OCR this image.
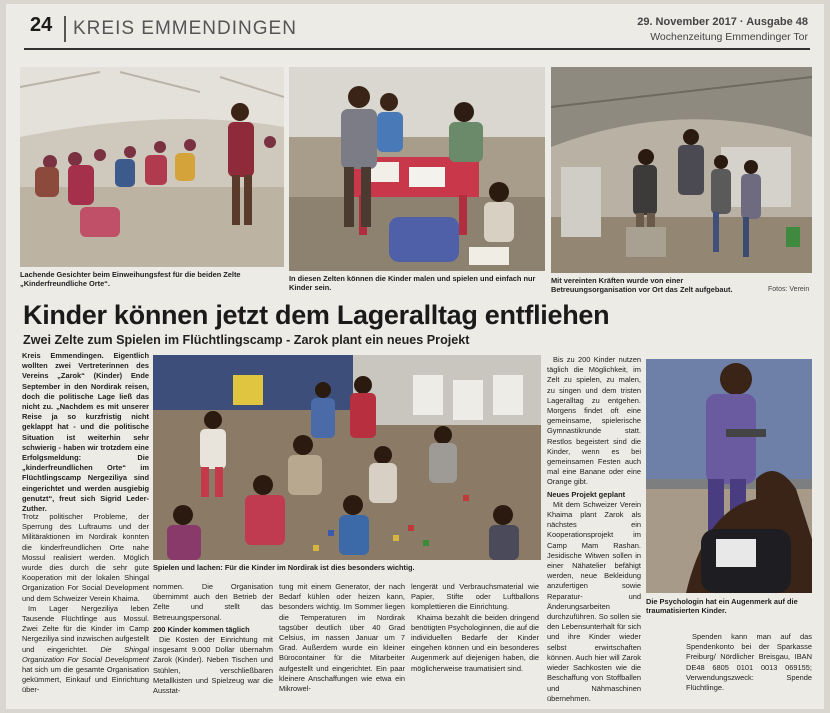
24	KREIS EMMENDINGEN	29. November 2017 · Ausgabe 48
Wochenzeitung Emmendinger Tor
Lachende Gesichter beim Einweihungsfest für die beiden Zelte „Kinderfreundliche Orte“.
In diesen Zelten können die Kinder malen und spielen und einfach nur Kinder sein.
Mit vereinten Kräften wurde von einer Betreuungsorganisation vor Ort das Zelt aufgebaut.	Fotos: Verein
Kinder können jetzt dem Lageralltag entfliehen
Zwei Zelte zum Spielen im Flüchtlingscamp - Zarok plant ein neues Projekt

Kreis Emmendingen. Eigentlich wollten zwei Vertreterinnen des Vereins „Zarok“ (Kinder) Ende September in den Nordirak reisen, doch die politische Lage ließ das nicht zu. „Nachdem es mit unserer Reise ja so kurzfristig nicht geklappt hat - und die politische Situation ist weiterhin sehr schwierig - haben wir trotzdem eine Erfolgsmeldung: Die „kinderfreundlichen Orte“ im Flüchtlingscamp Nergeziliya sind eingerichtet und werden ausgiebig genutzt“, freut sich Sigrid Leder-Zuther.

Spielen und lachen: Für die Kinder im Nordirak ist dies besonders wichtig.

Trotz politischer Probleme, der Sperrung des Luftraums und der Militäraktionen im Nordirak konnten die kinderfreundlichen Orte nahe Mossul realisiert werden. Möglich wurde dies durch die sehr gute Kooperation mit der lokalen Shingal Organization For Social Development und dem Schweizer Verein Khaima.

Im Lager Nergeziliya leben Tausende Flüchtlinge aus Mossul. Zwei Zelte für die Kinder im Camp Nergeziliya sind inzwischen aufgestellt und eingerichtet. Die Shingal Organization For Social Development hat sich um die gesamte Organisation gekümmert, Einkauf und Einrichtung über-

nommen. Die Organisation übernimmt auch den Betrieb der Zelte und stellt das Betreuungspersonal.

200 Kinder kommen täglich

Die Kosten der Einrichtung mit insgesamt 9.000 Dollar übernahm Zarok (Kinder). Neben Tischen und Stühlen, verschließbaren Metallkisten und Spielzeug war die Ausstat-

tung mit einem Generator, der nach Bedarf kühlen oder heizen kann, besonders wichtig. Im Sommer liegen die Temperaturen im Nordirak tagsüber deutlich über 40 Grad Celsius, im nassen Januar um 7 Grad. Außerdem wurde ein kleiner Bürocontainer für die Mitarbeiter aufgestellt und eingerichtet. Ein paar kleinere Anschaffungen wie etwa ein Mikrowel-

lengerät und Verbrauchsmaterial wie Papier, Stifte oder Luftballons komplettieren die Einrichtung.

Khaima bezahlt die beiden dringend benötigten Psychologinnen, die auf die individuellen Bedarfe der Kinder eingehen können und ein besonderes Augenmerk auf diejenigen haben, die möglicherweise traumatisiert sind.

Bis zu 200 Kinder nutzen täglich die Möglichkeit, im Zelt zu spielen, zu malen, zu singen und dem tristen Lageralltag zu entgehen. Morgens findet oft eine gemeinsame, spielerische Gymnastikrunde statt. Restlos begeistert sind die Kinder, wenn es bei gemeinsamen Festen auch mal eine Banane oder eine Orange gibt.

Neues Projekt geplant

Mit dem Schweizer Verein Khaima plant Zarok als nächstes ein Kooperationsprojekt im Camp Mam Rashan. Jesidische Witwen sollen in einer Nähatelier befähigt werden, neue Bekleidung anzufertigen sowie Reparatur- und Änderungsarbeiten durchzuführen. So sollen sie den Lebensunterhalt für sich und ihre Kinder wieder selbst erwirtschaften können. Auch hier will Zarok wieder Sachkosten wie die Beschaffung von Stoffballen und Nähmaschinen übernehmen.

Die Psychologin hat ein Augenmerk auf die traumatisierten Kinder.

Spenden kann man auf das Spendenkonto bei der Sparkasse Freiburg/ Nördlicher Breisgau, IBAN DE48 6805 0101 0013 069155; Verwendungszweck: Spende Flüchtlinge.
